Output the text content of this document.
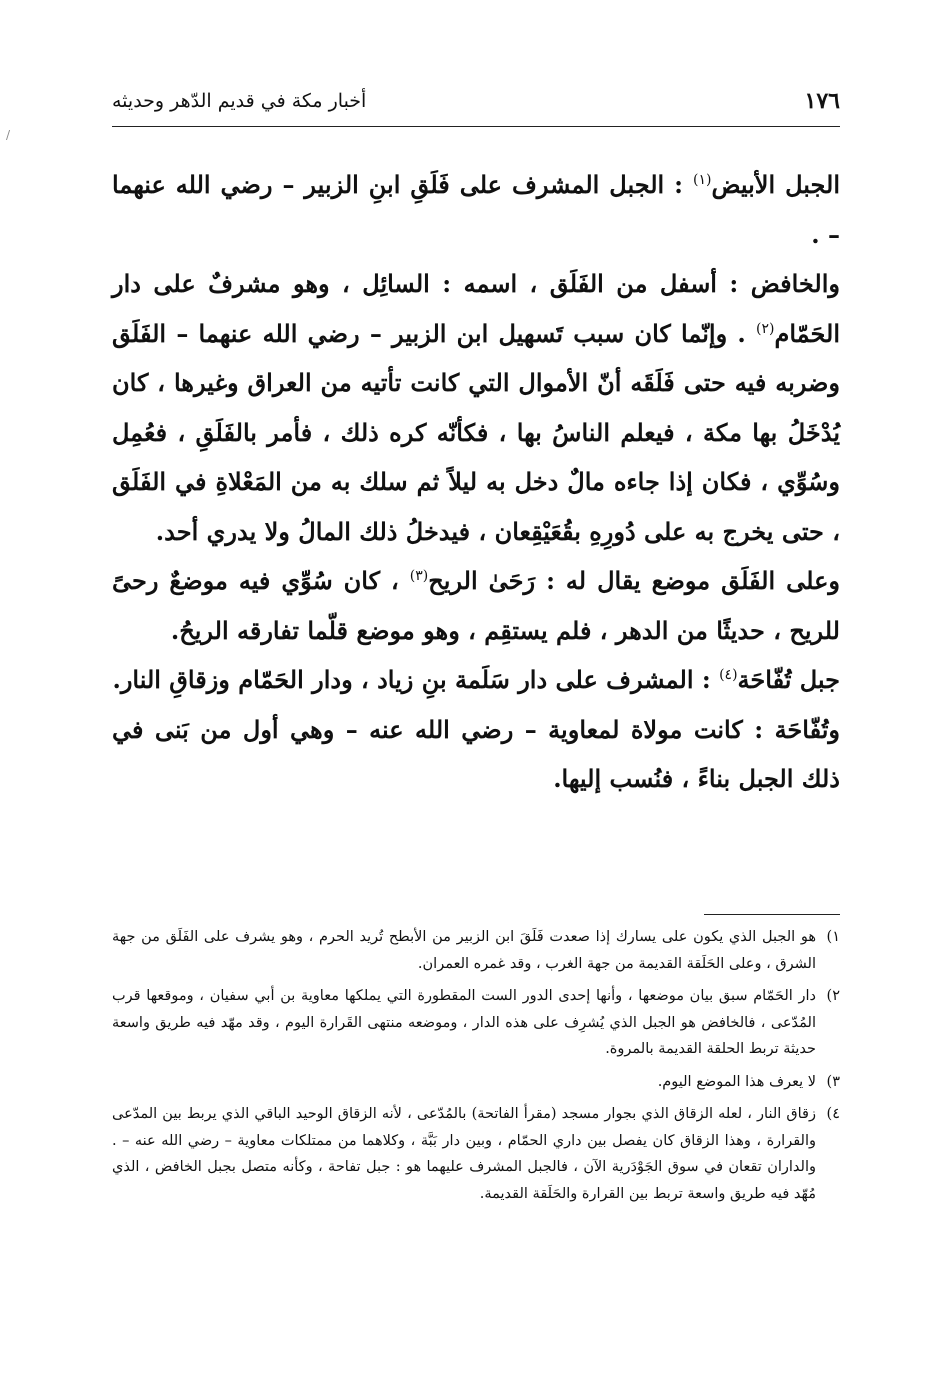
١٧٦
أخبار مكة في قديم الدّهر وحديثه
/

الجبل الأبيض$^{(١)}$ : الجبل المشرف على فَلَقِ ابنِ الزبير – رضي الله عنهما – .

والخافض : أسفل من الفَلَق ، اسمه : السائِل ، وهو مشرفٌ على دار الحَمّام$^{(٢)}$ . وإنّما كان سبب تَسهيل ابن الزبير – رضي الله عنهما – الفَلَق وضربه فيه حتى فَلَقَه أنّ الأموال التي كانت تأتيه من العراق وغيرها ، كان يُدْخَلُ بها مكة ، فيعلم الناسُ بها ، فكأنّه كره ذلك ، فأمر بالفَلَقِ ، فعُمِل وسُوِّي ، فكان إذا جاءه مالٌ دخل به ليلاً ثم سلك به من المَعْلاةِ في الفَلَق ، حتى يخرج به على دُورِهِ بقُعَيْقِعان ، فيدخلُ ذلك المالُ ولا يدري أحد.

وعلى الفَلَق موضع يقال له : رَحَىٰ الريح$^{(٣)}$ ، كان سُوِّي فيه موضعٌ رحىً للريح ، حديثًا من الدهر ، فلم يستقِم ، وهو موضع قلّما تفارقه الريحُ.

جبل تُفّاحَة$^{(٤)}$ : المشرف على دار سَلَمة بنِ زياد ، ودار الحَمّام وزقاقِ النار.

وتُفّاحَة : كانت مولاة لمعاوية – رضي الله عنه – وهي أول من بَنى في ذلك الجبل بناءً ، فنُسب إليها.

١)
هو الجبل الذي يكون على يسارك إذا صعدت فَلَقَ ابن الزبير من الأبطح تُريد الحرم ، وهو يشرف على الفَلَق من جهة الشرق ، وعلى الحَلَقة القديمة من جهة الغرب ، وقد غمره العمران.
٢)
دار الحَمّام سبق بيان موضعها ، وأنها إحدى الدور الست المقطورة التي يملكها معاوية بن أبي سفيان ، وموقعها قرب المُدّعى ، فالخافض هو الجبل الذي يُشرِف على هذه الدار ، وموضعه منتهى القَرارة اليوم ، وقد مهّد فيه طريق واسعة حديثة تربط الحلقة القديمة بالمروة.
٣)
لا يعرف هذا الموضع اليوم.
٤)
زقاق النار ، لعله الزقاق الذي بجوار مسجد (مقرأ الفاتحة) بالمُدّعى ، لأنه الزقاق الوحيد الباقي الذي يربط بين المدّعى والقرارة ، وهذا الزقاق كان يفصل بين داري الحمّام ، وبين دار بَبَّة ، وكلاهما من ممتلكات معاوية – رضي الله عنه – . والداران تقعان في سوق الجَوْدَرية الآن ، فالجبل المشرف عليهما هو : جبل تفاحة ، وكأنه متصل بجبل الخافض ، الذي مُهّد فيه طريق واسعة تربط بين القرارة والحَلَقة القديمة.
